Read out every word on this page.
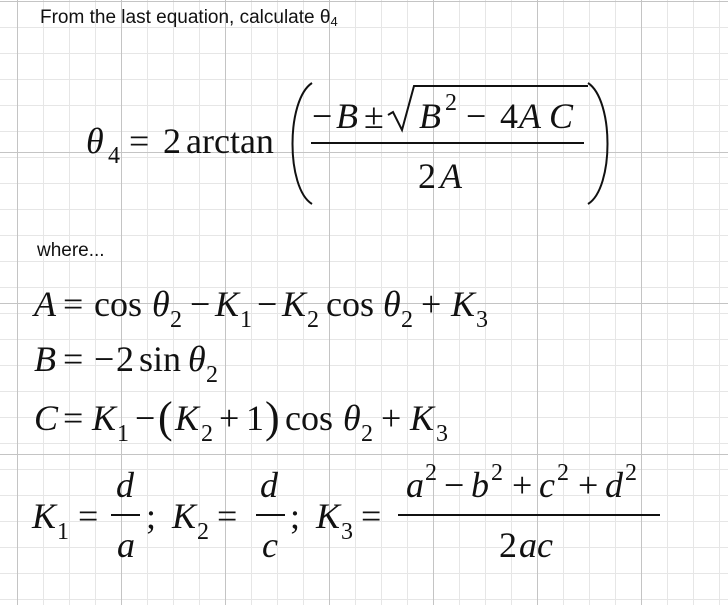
From the last equation, calculate $\theta_4$
where...
θ 4 = 2 arctan
− B ± B 2 − 4 A C
2 A
A = cos θ 2 − K 1 − K 2 cos θ 2 + K 3
B = − 2 sin θ 2
C = K 1 − ( K 2 + 1 ) cos θ 2 + K 3
K 1 =
d
a
; K 2 =
d
c
; K 3 =
a 2 − b 2 + c 2 + d 2
2 ac
